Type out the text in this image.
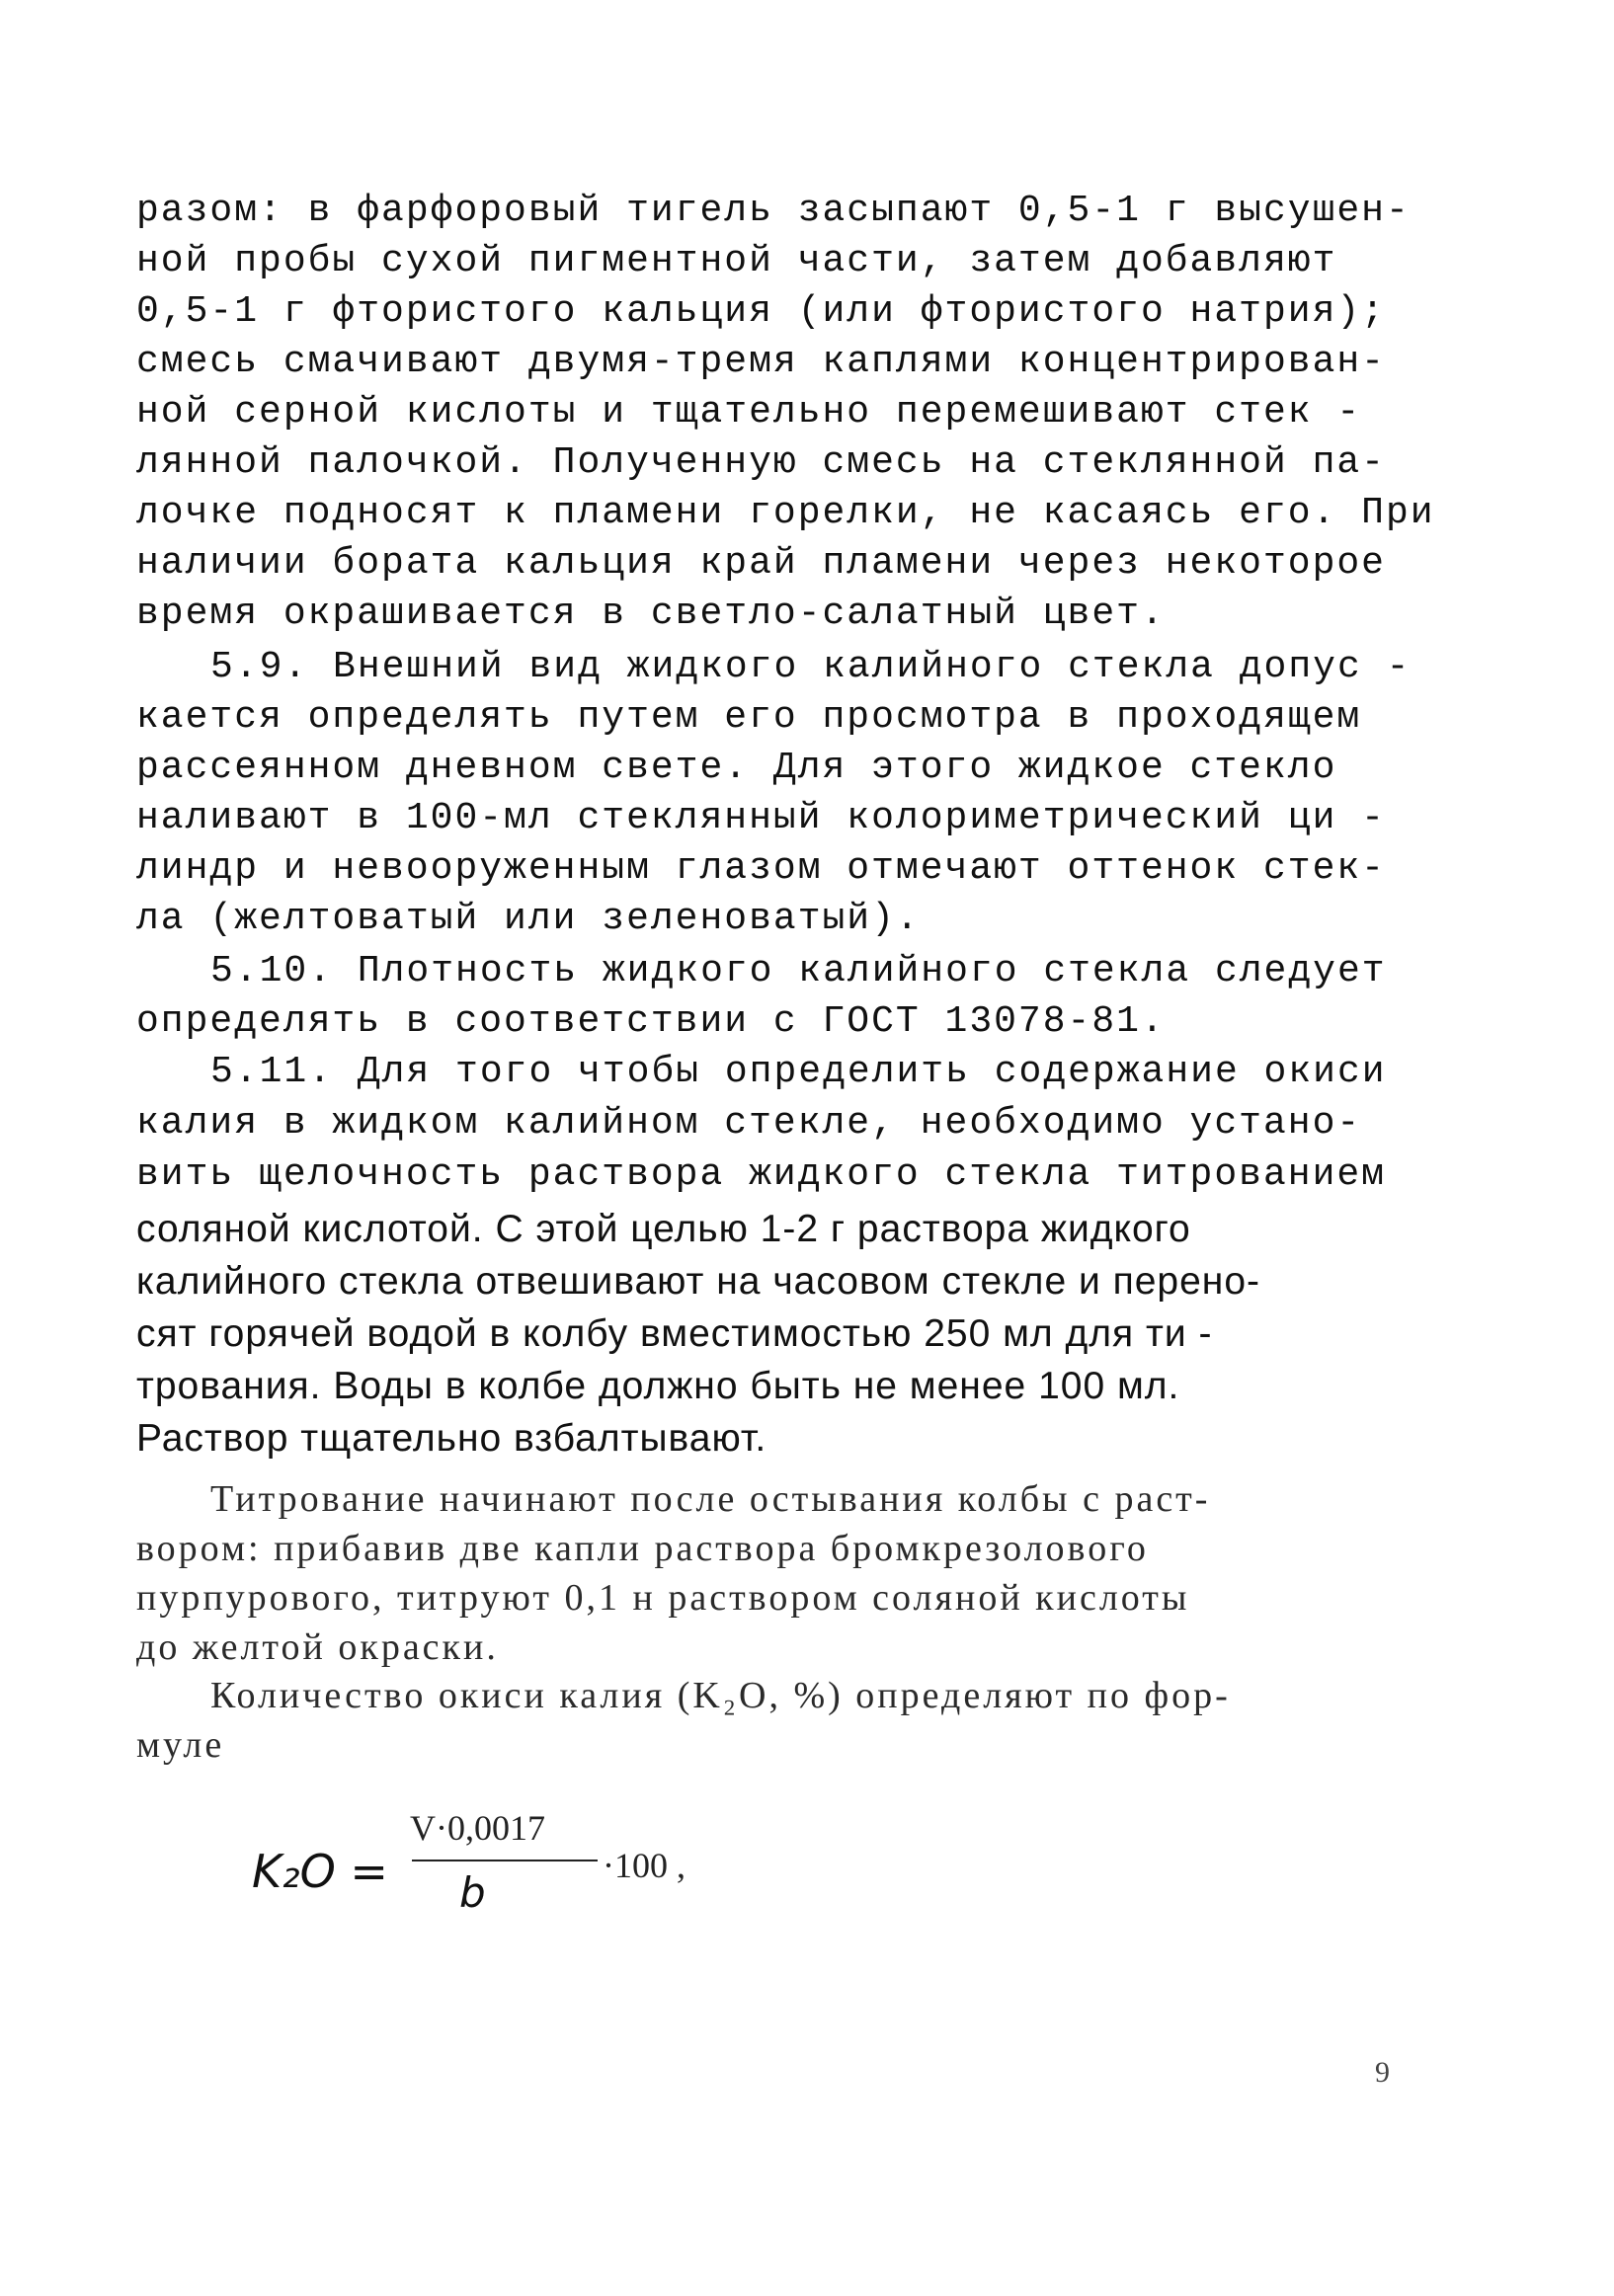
разом: в фарфоровый тигель засыпают 0,5-1 г высушен-
ной пробы сухой пигментной части, затем добавляют
0,5-1 г фтористого кальция (или фтористого натрия);
смесь смачивают двумя-тремя каплями концентрирован-
ной серной кислоты и тщательно перемешивают стек -
лянной палочкой. Полученную смесь на стеклянной па-
лочке подносят к пламени горелки, не касаясь его. При
наличии бората кальция край пламени через некоторое
время окрашивается в светло-салатный цвет.
5.9. Внешний вид жидкого калийного стекла допус -
кается определять путем его просмотра в проходящем
рассеянном дневном свете. Для этого жидкое стекло
наливают в 100-мл стеклянный колориметрический ци -
линдр и невооруженным глазом отмечают оттенок стек-
ла (желтоватый или зеленоватый).
5.10. Плотность жидкого калийного стекла следует
определять в соответствии с ГОСТ 13078-81.
5.11. Для того чтобы определить содержание окиси
калия в жидком калийном стекле, необходимо устано-
вить щелочность раствора жидкого стекла титрованием
соляной кислотой. С этой целью 1-2 г раствора жидкого
калийного стекла отвешивают на часовом стекле и перено-
сят горячей водой в колбу вместимостью 250 мл для ти -
трования. Воды в колбе должно быть не менее 100 мл.
Раствор тщательно взбалтывают.
Титрование начинают после остывания колбы с раст-
вором: прибавив две капли раствора бромкрезолового
пурпурового, титруют 0,1 н раствором соляной кислоты
до желтой окраски.
Количество окиси калия (K₂O, %) определяют по фор-
муле
K₂O =
V·0,0017
b
·100 ,
9
